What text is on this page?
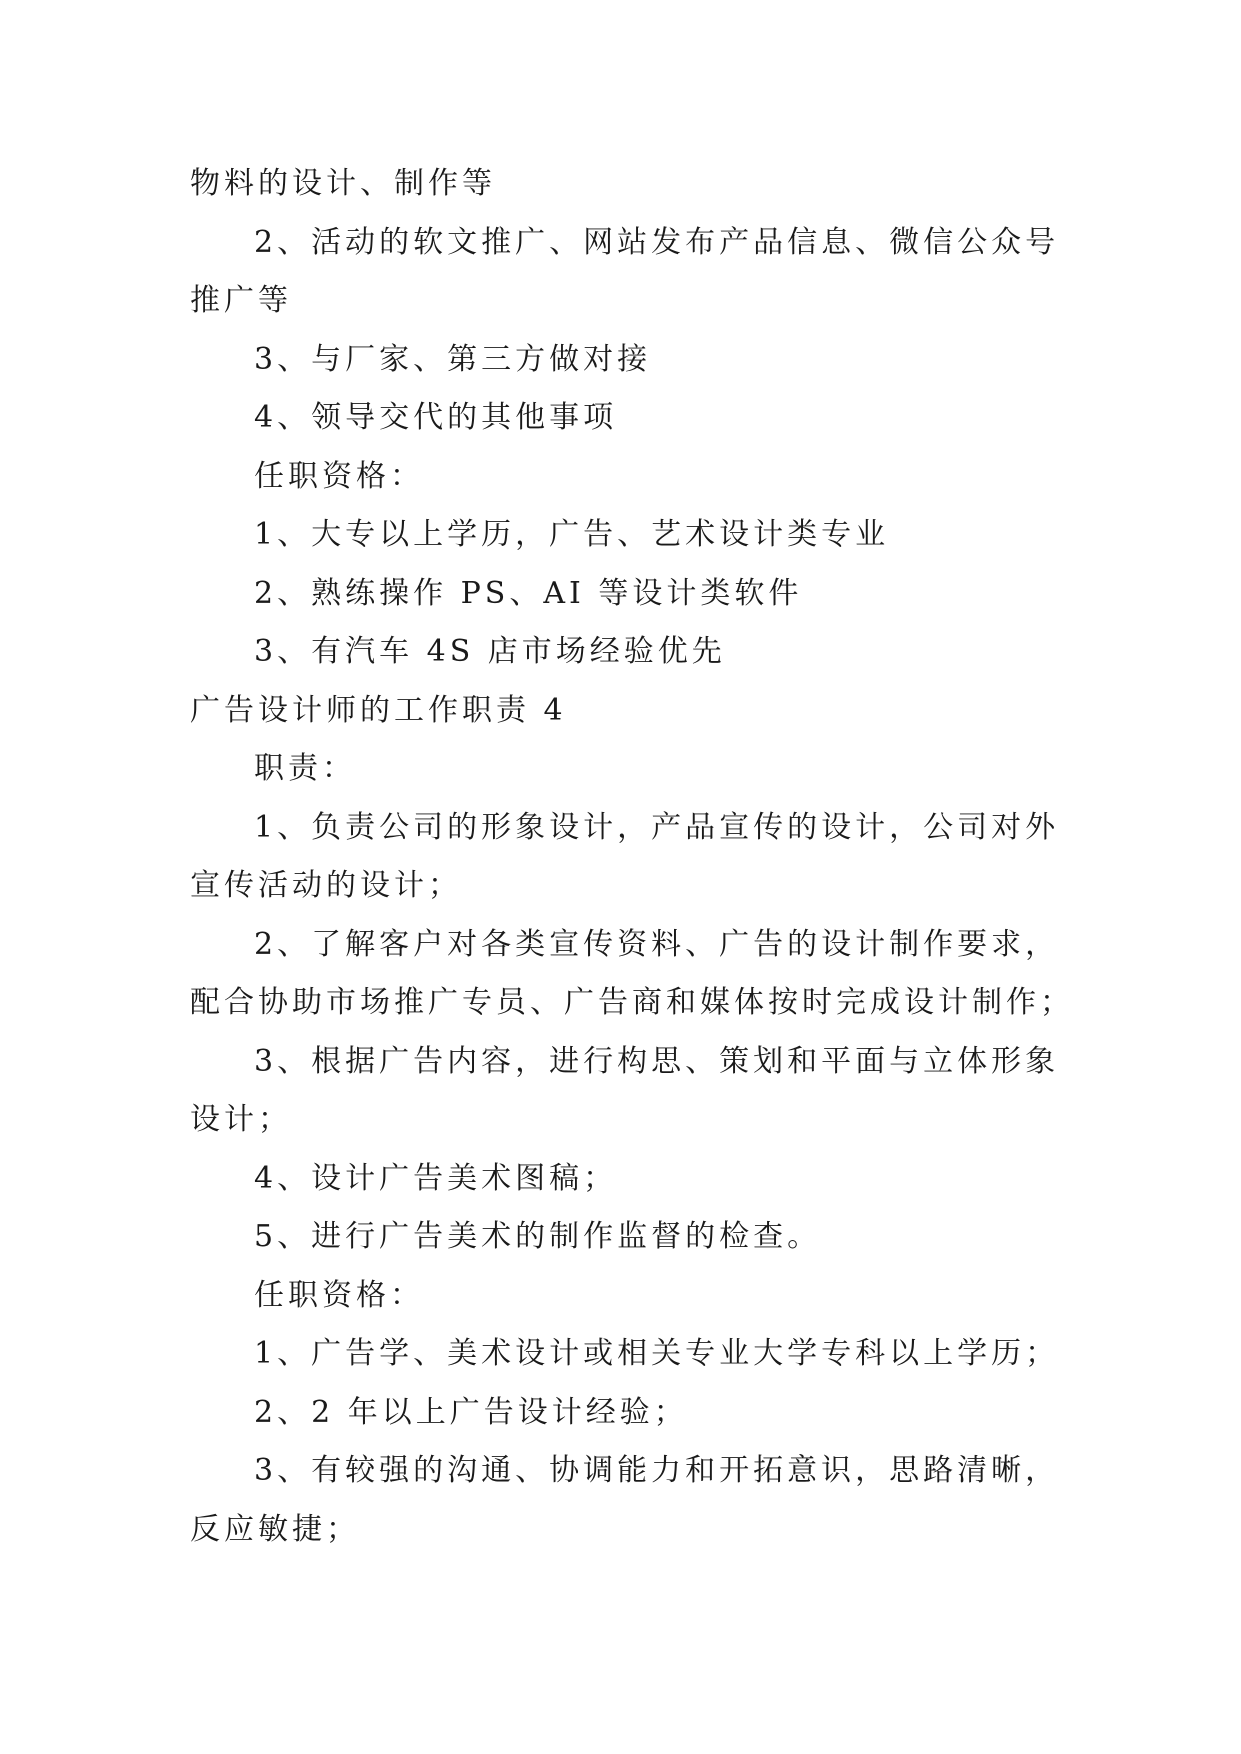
物料的设计、制作等
2、活动的软文推广、网站发布产品信息、微信公众号
推广等
3、与厂家、第三方做对接
4、领导交代的其他事项
任职资格：
1、大专以上学历，广告、艺术设计类专业
2、熟练操作 PS、AI 等设计类软件
3、有汽车 4S 店市场经验优先
广告设计师的工作职责 4
职责：
1、负责公司的形象设计，产品宣传的设计，公司对外
宣传活动的设计；
2、了解客户对各类宣传资料、广告的设计制作要求，
配合协助市场推广专员、广告商和媒体按时完成设计制作；
3、根据广告内容，进行构思、策划和平面与立体形象
设计；
4、设计广告美术图稿；
5、进行广告美术的制作监督的检查。
任职资格：
1、广告学、美术设计或相关专业大学专科以上学历；
2、2 年以上广告设计经验；
3、有较强的沟通、协调能力和开拓意识，思路清晰，
反应敏捷；
